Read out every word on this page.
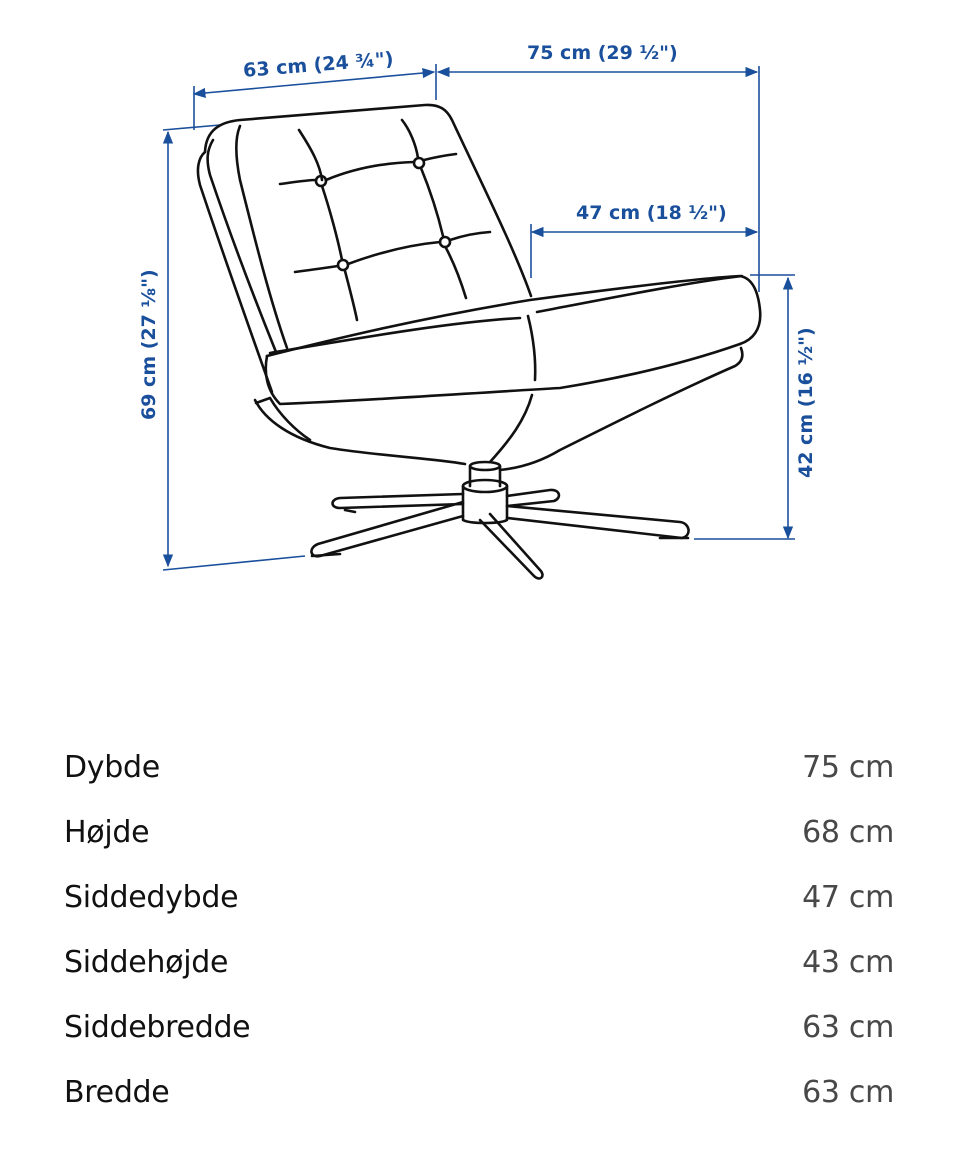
63 cm (24 ¾")	75 cm (29 ½")
47 cm (18 ½")
69 cm (27 ⅛")	42 cm (16 ½")
Dybde	75 cm
Højde	68 cm
Siddedybde	47 cm
Siddehøjde	43 cm
Siddebredde	63 cm
Bredde	63 cm
